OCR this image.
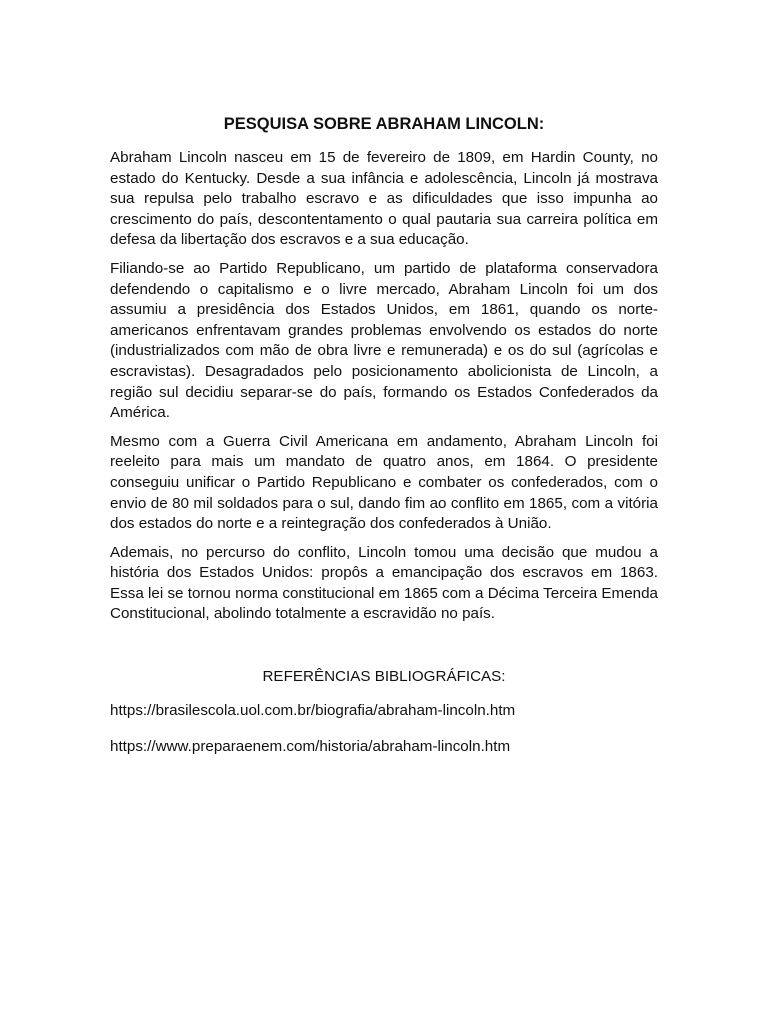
PESQUISA SOBRE ABRAHAM LINCOLN:

Abraham Lincoln nasceu em 15 de fevereiro de 1809, em Hardin County, no estado do Kentucky. Desde a sua infância e adolescência, Lincoln já mostrava sua repulsa pelo trabalho escravo e as dificuldades que isso impunha ao crescimento do país, descontentamento o qual pautaria sua carreira política em defesa da libertação dos escravos e a sua educação.

Filiando-se ao Partido Republicano, um partido de plataforma conservadora defendendo o capitalismo e o livre mercado, Abraham Lincoln foi um dos assumiu a presidência dos Estados Unidos, em 1861, quando os norte-americanos enfrentavam grandes problemas envolvendo os estados do norte (industrializados com mão de obra livre e remunerada) e os do sul (agrícolas e escravistas). Desagradados pelo posicionamento abolicionista de Lincoln, a região sul decidiu separar-se do país, formando os Estados Confederados da América.

Mesmo com a Guerra Civil Americana em andamento, Abraham Lincoln foi reeleito para mais um mandato de quatro anos, em 1864. O presidente conseguiu unificar o Partido Republicano e combater os confederados, com o envio de 80 mil soldados para o sul, dando fim ao conflito em 1865, com a vitória dos estados do norte e a reintegração dos confederados à União.

Ademais, no percurso do conflito, Lincoln tomou uma decisão que mudou a história dos Estados Unidos: propôs a emancipação dos escravos em 1863. Essa lei se tornou norma constitucional em 1865 com a Décima Terceira Emenda Constitucional, abolindo totalmente a escravidão no país.

REFERÊNCIAS BIBLIOGRÁFICAS:

https://brasilescola.uol.com.br/biografia/abraham-lincoln.htm

https://www.preparaenem.com/historia/abraham-lincoln.htm
